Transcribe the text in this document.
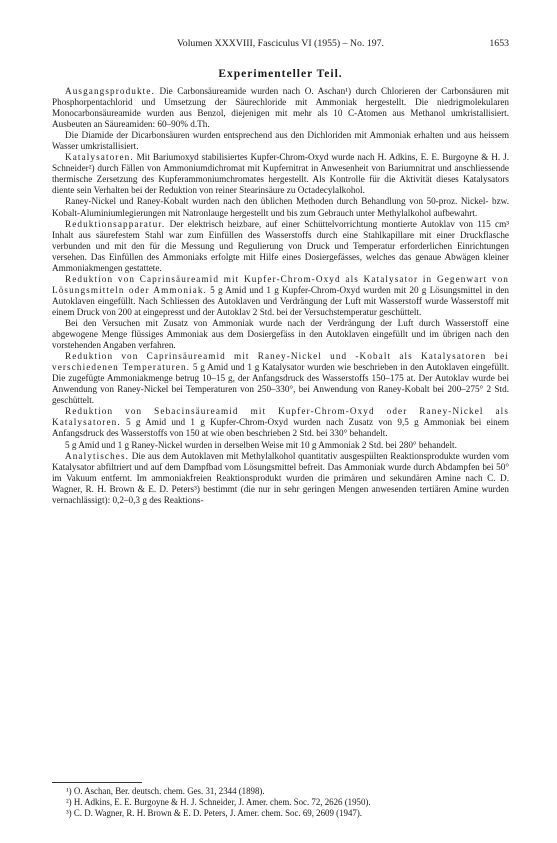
Volumen XXXVIII, Fasciculus VI (1955) – No. 197.	1653
Experimenteller Teil.

Ausgangsprodukte. Die Carbonsäureamide wurden nach O. Aschan¹) durch Chlorieren der Carbonsäuren mit Phosphorpentachlorid und Umsetzung der Säurechloride mit Ammoniak hergestellt. Die niedrigmolekularen Monocarbonsäureamide wurden aus Benzol, diejenigen mit mehr als 10 C-Atomen aus Methanol umkristallisiert. Ausbeuten an Säureamiden: 60–90% d.Th.

Die Diamide der Dicarbonsäuren wurden entsprechend aus den Dichloriden mit Ammoniak erhalten und aus heissem Wasser umkristallisiert.

Katalysatoren. Mit Bariumoxyd stabilisiertes Kupfer-Chrom-Oxyd wurde nach H. Adkins, E. E. Burgoyne & H. J. Schneider²) durch Fällen von Ammoniumdichromat mit Kupfernitrat in Anwesenheit von Bariumnitrat und anschliessende thermische Zersetzung des Kupferammoniumchromates hergestellt. Als Kontrolle für die Aktivität dieses Katalysators diente sein Verhalten bei der Reduktion von reiner Stearinsäure zu Octadecylalkohol.

Raney-Nickel und Raney-Kobalt wurden nach den üblichen Methoden durch Behandlung von 50-proz. Nickel- bzw. Kobalt-Aluminiumlegierungen mit Natronlauge hergestellt und bis zum Gebrauch unter Methylalkohol aufbewahrt.

Reduktionsapparatur. Der elektrisch heizbare, auf einer Schüttelvorrichtung montierte Autoklav von 115 cm³ Inhalt aus säurefestem Stahl war zum Einfüllen des Wasserstoffs durch eine Stahlkapillare mit einer Druckflasche verbunden und mit den für die Messung und Regulierung von Druck und Temperatur erforderlichen Einrichtungen versehen. Das Einfüllen des Ammoniaks erfolgte mit Hilfe eines Dosiergefässes, welches das genaue Abwägen kleiner Ammoniakmengen gestattete.

Reduktion von Caprinsäureamid mit Kupfer-Chrom-Oxyd als Katalysator in Gegenwart von Lösungsmitteln oder Ammoniak. 5 g Amid und 1 g Kupfer-Chrom-Oxyd wurden mit 20 g Lösungsmittel in den Autoklaven eingefüllt. Nach Schliessen des Autoklaven und Verdrängung der Luft mit Wasserstoff wurde Wasserstoff mit einem Druck von 200 at eingepresst und der Autoklav 2 Std. bei der Versuchstemperatur geschüttelt.

Bei den Versuchen mit Zusatz von Ammoniak wurde nach der Verdrängung der Luft durch Wasserstoff eine abgewogene Menge flüssiges Ammoniak aus dem Dosiergefäss in den Autoklaven eingefüllt und im übrigen nach den vorstehenden Angaben verfahren.

Reduktion von Caprinsäureamid mit Raney-Nickel und -Kobalt als Katalysatoren bei verschiedenen Temperaturen. 5 g Amid und 1 g Katalysator wurden wie beschrieben in den Autoklaven eingefüllt. Die zugefügte Ammoniakmenge betrug 10–15 g, der Anfangsdruck des Wasserstoffs 150–175 at. Der Autoklav wurde bei Anwendung von Raney-Nickel bei Temperaturen von 250–330°, bei Anwendung von Raney-Kobalt bei 200–275° 2 Std. geschüttelt.

Reduktion von Sebacinsäureamid mit Kupfer-Chrom-Oxyd oder Raney-Nickel als Katalysatoren. 5 g Amid und 1 g Kupfer-Chrom-Oxyd wurden nach Zusatz von 9,5 g Ammoniak bei einem Anfangsdruck des Wasserstoffs von 150 at wie oben beschrieben 2 Std. bei 330° behandelt.

5 g Amid und 1 g Raney-Nickel wurden in derselben Weise mit 10 g Ammoniak 2 Std. bei 280° behandelt.

Analytisches. Die aus dem Autoklaven mit Methylalkohol quantitativ ausgespülten Reaktionsprodukte wurden vom Katalysator abfiltriert und auf dem Dampfbad vom Lösungsmittel befreit. Das Ammoniak wurde durch Abdampfen bei 50° im Vakuum entfernt. Im ammoniakfreien Reaktionsprodukt wurden die primären und sekundären Amine nach C. D. Wagner, R. H. Brown & E. D. Peters³) bestimmt (die nur in sehr geringen Mengen anwesenden tertiären Amine wurden vernachlässigt): 0,2–0,3 g des Reaktions-

¹) O. Aschan, Ber. deutsch. chem. Ges. 31, 2344 (1898).

²) H. Adkins, E. E. Burgoyne & H. J. Schneider, J. Amer. chem. Soc. 72, 2626 (1950).

³) C. D. Wagner, R. H. Brown & E. D. Peters, J. Amer. chem. Soc. 69, 2609 (1947).
